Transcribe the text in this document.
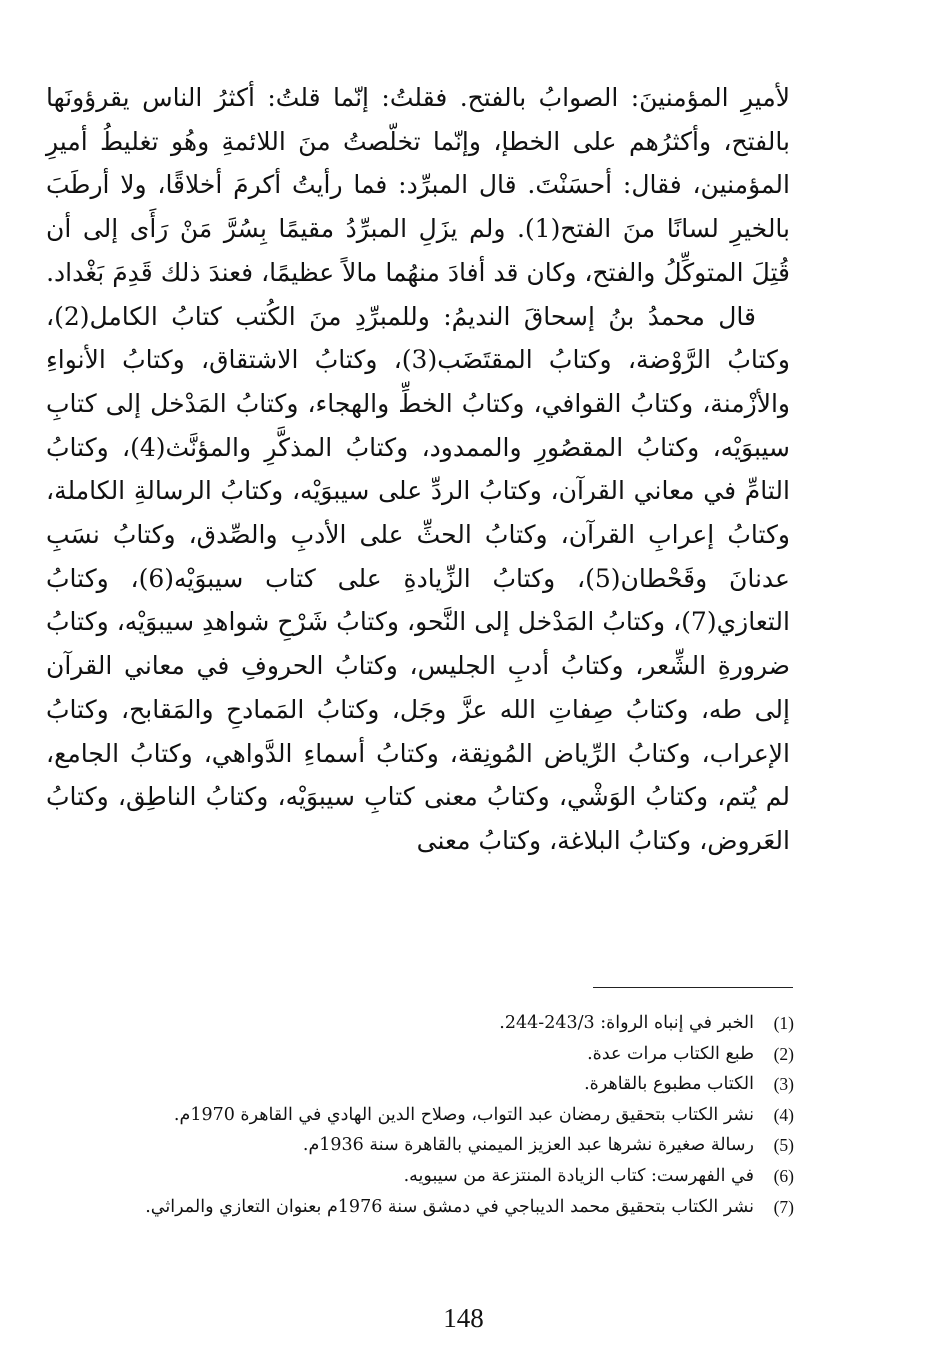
لأميرِ المؤمنينَ: الصوابُ بالفتح. فقلتُ: إنّما قلتُ: أكثرُ الناس يقرؤونَها بالفتح، وأكثرُهم على الخطإ، وإنّما تخلّصتُ منَ اللائمةِ وهُو تغليطُ أميرِ المؤمنين، فقال: أحسَنْتَ. قال المبرِّد: فما رأيتُ أكرمَ أخلاقًا، ولا أرطَبَ بالخيرِ لسانًا منَ الفتح(1). ولم يزَلِ المبرِّدُ مقيمًا بِسُرَّ مَنْ رَأَى إلى أن قُتِلَ المتوكِّلُ والفتح، وكان قد أفادَ منهُما مالاً عظيمًا، فعندَ ذلك قَدِمَ بَغْداد.

قال محمدُ بنُ إسحاقَ النديمُ: وللمبرِّدِ منَ الكُتب كتابُ الكامل(2)، وكتابُ الرَّوْضة، وكتابُ المقتَضَب(3)، وكتابُ الاشتقاق، وكتابُ الأنواءِ والأزْمنة، وكتابُ القوافي، وكتابُ الخطِّ والهجاء، وكتابُ المَدْخل إلى كتابِ سيبوَيْه، وكتابُ المقصُورِ والممدود، وكتابُ المذكَّرِ والمؤنَّث(4)، وكتابُ التامِّ في معاني القرآن، وكتابُ الردِّ على سيبوَيْه، وكتابُ الرسالةِ الكاملة، وكتابُ إعرابِ القرآن، وكتابُ الحثِّ على الأدبِ والصِّدق، وكتابُ نسَبِ عدنانَ وقَحْطان(5)، وكتابُ الزِّيادةِ على كتاب سيبوَيْه(6)، وكتابُ التعازي(7)، وكتابُ المَدْخل إلى النَّحو، وكتابُ شَرْحِ شواهدِ سيبوَيْه، وكتابُ ضرورةِ الشِّعر، وكتابُ أدبِ الجليس، وكتابُ الحروفِ في معاني القرآن إلى طه، وكتابُ صِفاتِ الله عزَّ وجَل، وكتابُ المَمادحِ والمَقابح، وكتابُ الإعراب، وكتابُ الرِّياض المُونِقة، وكتابُ أسماءِ الدَّواهي، وكتابُ الجامع، لم يُتم، وكتابُ الوَشْي، وكتابُ معنى كتابِ سيبوَيْه، وكتابُ الناطِق، وكتابُ العَروض، وكتابُ البلاغة، وكتابُ معنى

(1)
الخبر في إنباه الرواة: 243/3-244.
(2)
طبع الكتاب مرات عدة.
(3)
الكتاب مطبوع بالقاهرة.
(4)
نشر الكتاب بتحقيق رمضان عبد التواب، وصلاح الدين الهادي في القاهرة 1970م.
(5)
رسالة صغيرة نشرها عبد العزيز الميمني بالقاهرة سنة 1936م.
(6)
في الفهرست: كتاب الزيادة المنتزعة من سيبويه.
(7)
نشر الكتاب بتحقيق محمد الديباجي في دمشق سنة 1976م بعنوان التعازي والمراثي.
148
